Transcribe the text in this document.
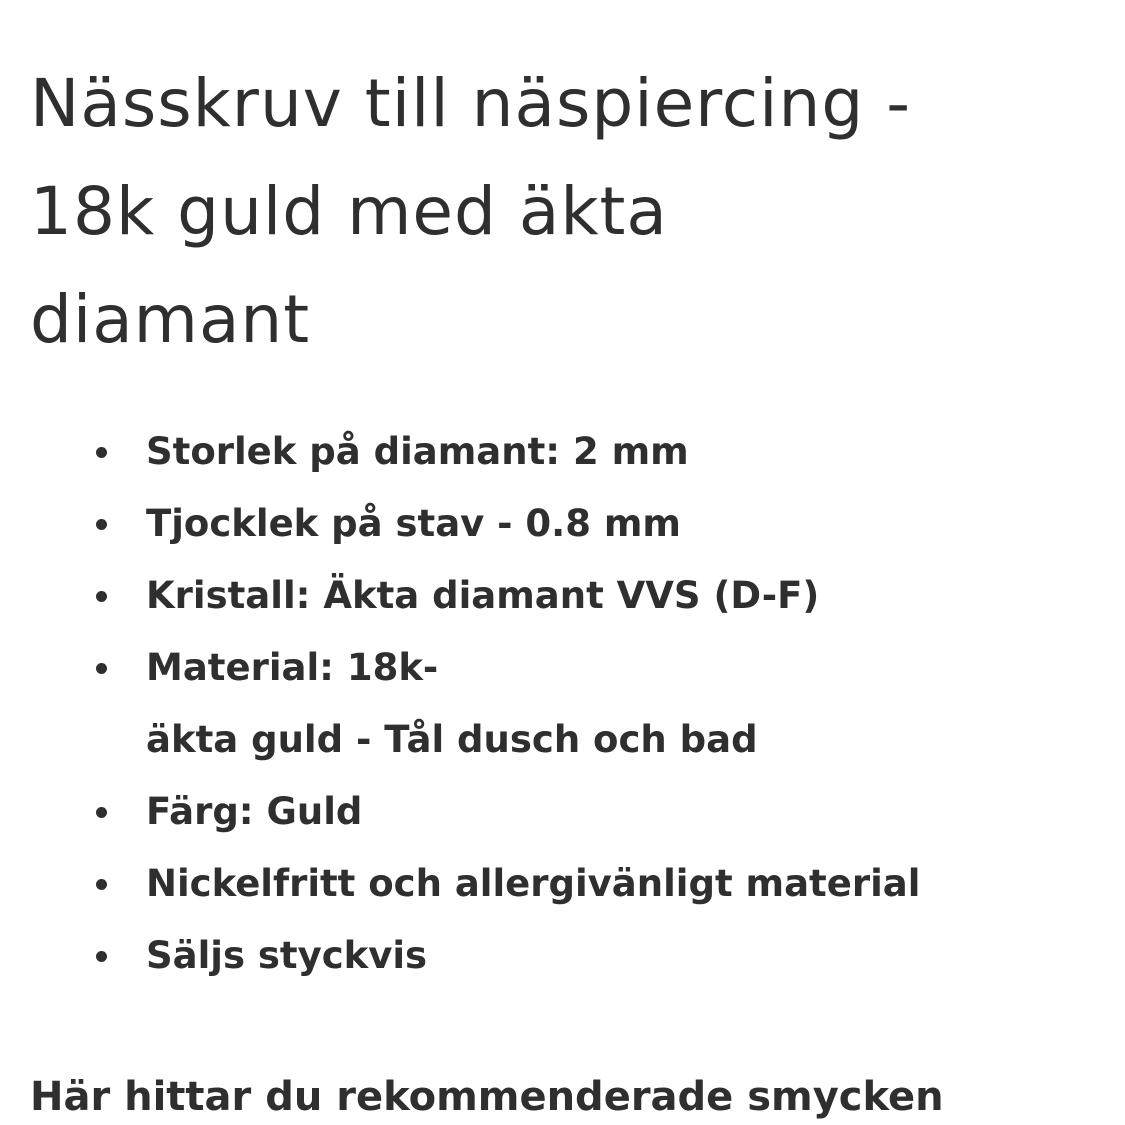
Nässkruv till näspiercing -
18k guld med äkta
diamant
Storlek på diamant: 2 mm
Tjocklek på stav - 0.8 mm
Kristall: Äkta diamant VVS (D-F)
Material: 18k-
äkta guld - Tål dusch och bad
Färg: Guld
Nickelfritt och allergivänligt material
Säljs styckvis
Här hittar du rekommenderade smycken
